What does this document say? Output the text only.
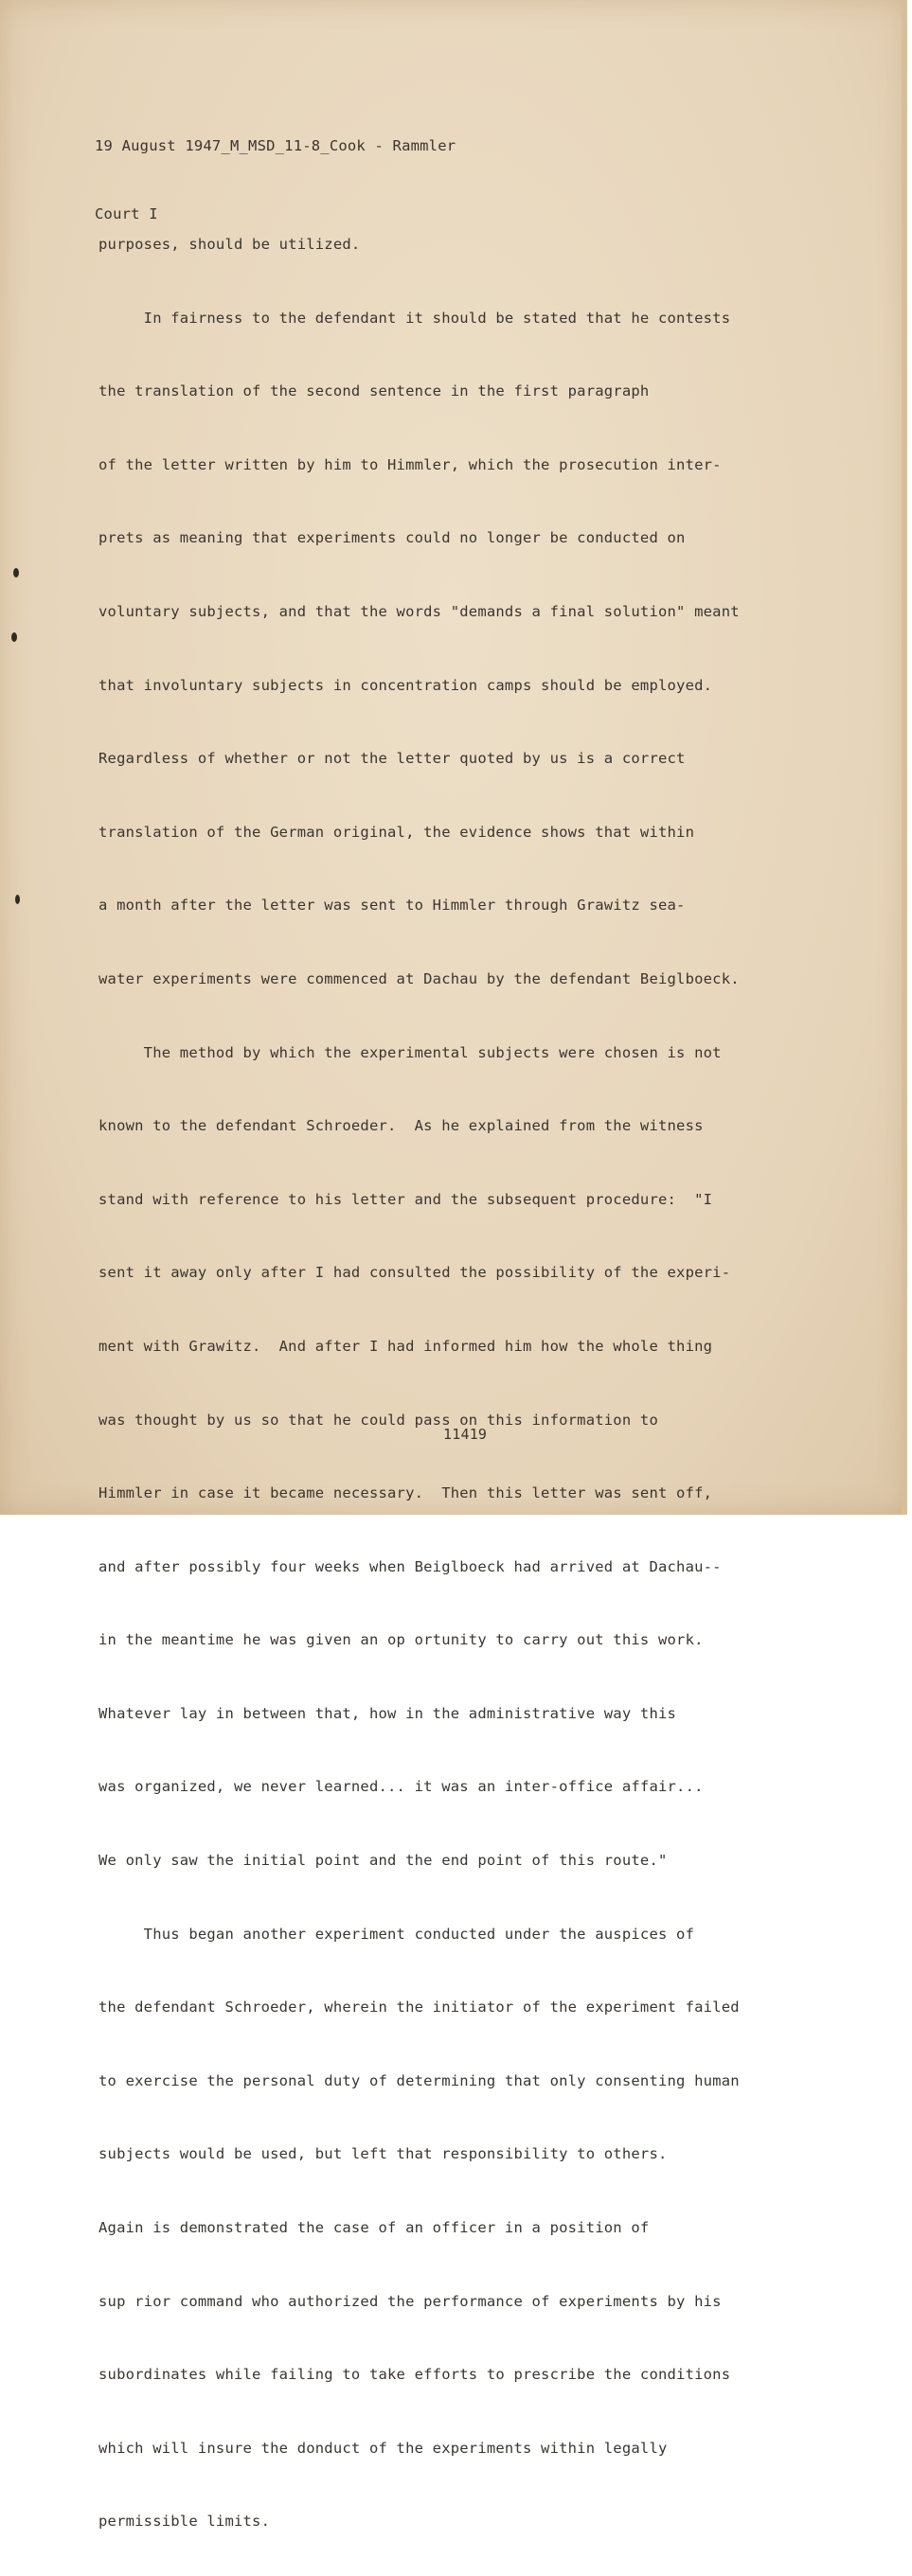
19 August 1947_M_MSD_11-8_Cook - Rammler

Court I

purposes, should be utilized.

In fairness to the defendant it should be stated that he contests

the translation of the second sentence in the first paragraph

of the letter written by him to Himmler, which the prosecution inter-

prets as meaning that experiments could no longer be conducted on

voluntary subjects, and that the words "demands a final solution" meant

that involuntary subjects in concentration camps should be employed.

Regardless of whether or not the letter quoted by us is a correct

translation of the German original, the evidence shows that within

a month after the letter was sent to Himmler through Grawitz sea-

water experiments were commenced at Dachau by the defendant Beiglboeck.

The method by which the experimental subjects were chosen is not

known to the defendant Schroeder.  As he explained from the witness

stand with reference to his letter and the subsequent procedure:  "I

sent it away only after I had consulted the possibility of the experi-

ment with Grawitz.  And after I had informed him how the whole thing

was thought by us so that he could pass on this information to

Himmler in case it became necessary.  Then this letter was sent off,

and after possibly four weeks when Beiglboeck had arrived at Dachau--

in the meantime he was given an op ortunity to carry out this work.

Whatever lay in between that, how in the administrative way this

was organized, we never learned... it was an inter-office affair...

We only saw the initial point and the end point of this route."

Thus began another experiment conducted under the auspices of

the defendant Schroeder, wherein the initiator of the experiment failed

to exercise the personal duty of determining that only consenting human

subjects would be used, but left that responsibility to others.

Again is demonstrated the case of an officer in a position of

sup rior command who authorized the performance of experiments by his

subordinates while failing to take efforts to prescribe the conditions

which will insure the donduct of the experiments within legally

permissible limits.

11419
